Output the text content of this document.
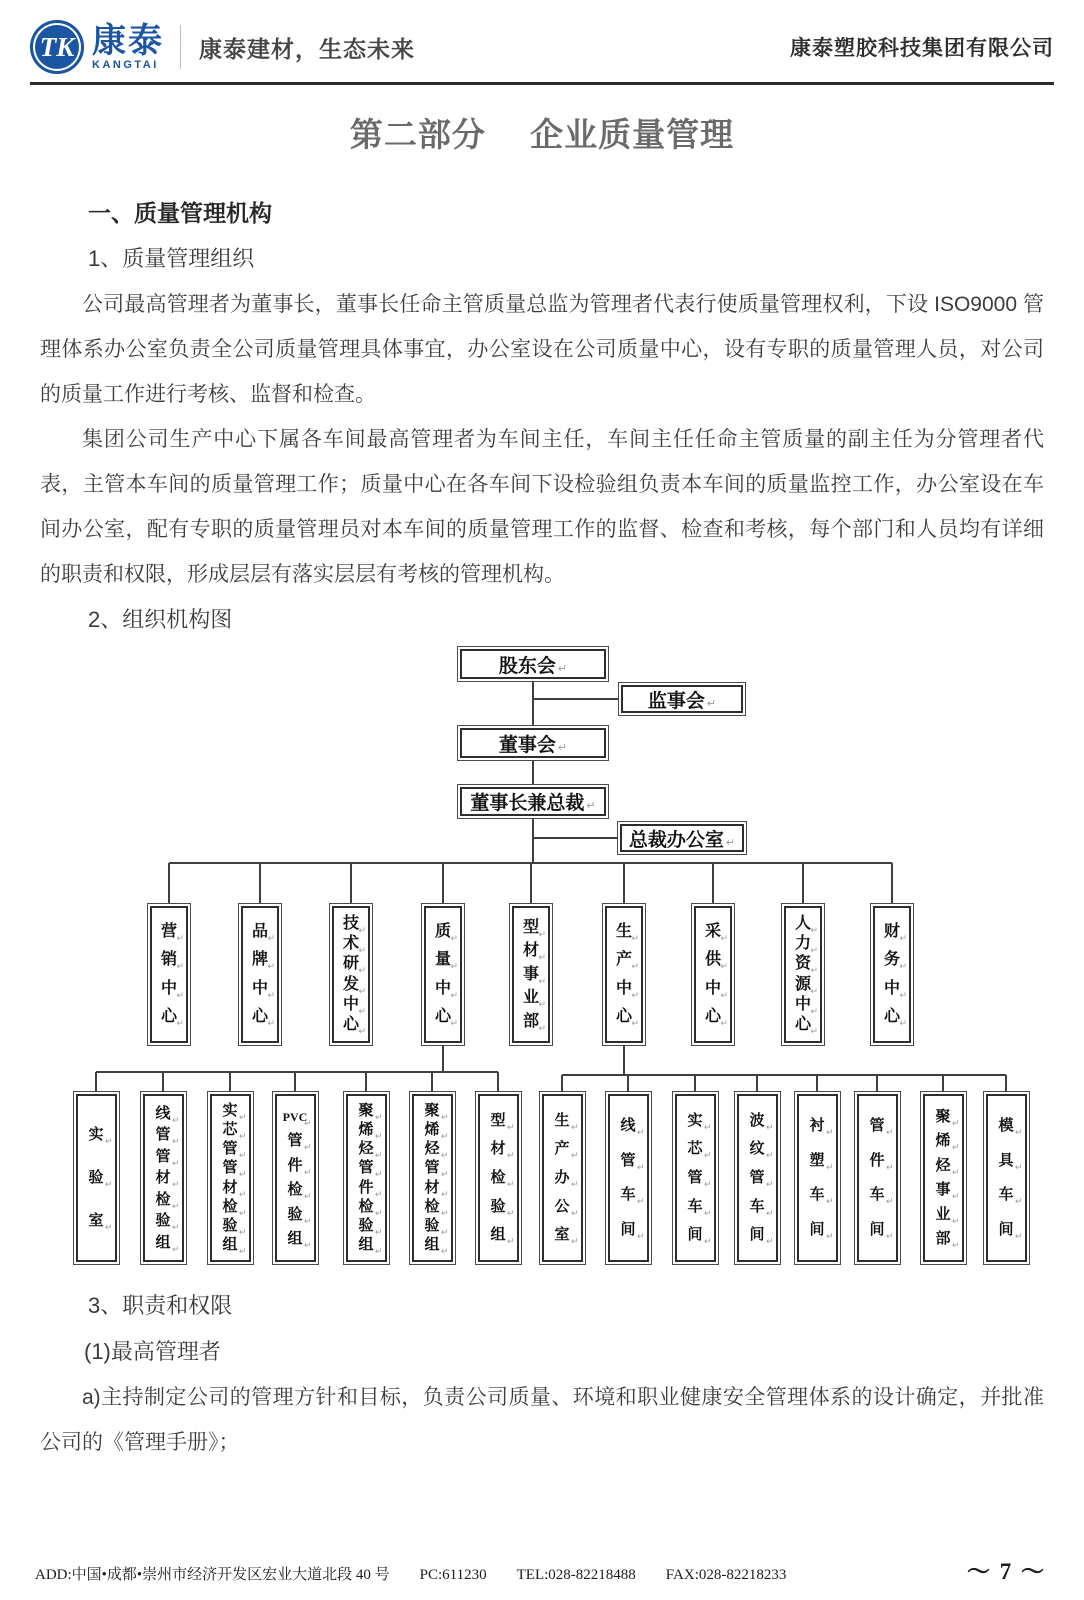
TK 康泰
KANGTAI
康泰建材，生态未来	康泰塑胶科技集团有限公司
第二部分　 企业质量管理
一、质量管理机构
1、质量管理组织

公司最高管理者为董事长，董事长任命主管质量总监为管理者代表行使质量管理权利，下设 ISO9000 管理体系办公室负责全公司质量管理具体事宜，办公室设在公司质量中心，设有专职的质量管理人员，对公司的质量工作进行考核、监督和检查。

集团公司生产中心下属各车间最高管理者为车间主任，车间主任任命主管质量的副主任为分管理者代表，主管本车间的质量管理工作；质量中心在各车间下设检验组负责本车间的质量监控工作，办公室设在车间办公室，配有专职的质量管理员对本车间的质量管理工作的监督、检查和考核，每个部门和人员均有详细的职责和权限，形成层层有落实层层有考核的管理机构。

2、组织机构图
股东会 ↵
监事会 ↵
董事会 ↵
董事长兼总裁 ↵
总裁办公室 ↵
营 ↵
销 ↵
中 ↵
心 ↵
品 ↵
牌 ↵
中 ↵
心 ↵
技 ↵
术 ↵
研 ↵
发 ↵
中 ↵
心 ↵
质 ↵
量 ↵
中 ↵
心 ↵
型 ↵
材 ↵
事 ↵
业 ↵
部 ↵
生 ↵
产 ↵
中 ↵
心 ↵
采 ↵
供 ↵
中 ↵
心 ↵
人 ↵
力 ↵
资 ↵
源 ↵
中 ↵
心 ↵
财 ↵
务 ↵
中 ↵
心 ↵
实 ↵
验 ↵
室 ↵
线 ↵
管 ↵
管 ↵
材 ↵
检 ↵
验 ↵
组 ↵
实 ↵
芯 ↵
管 ↵
管 ↵
材 ↵
检 ↵
验 ↵
组 ↵
PVC
↵
管 ↵
件 ↵
检 ↵
验 ↵
组 ↵
聚 ↵
烯 ↵
烃 ↵
管 ↵
件 ↵
检 ↵
验 ↵
组 ↵
聚 ↵
烯 ↵
烃 ↵
管 ↵
材 ↵
检 ↵
验 ↵
组 ↵
型 ↵
材 ↵
检 ↵
验 ↵
组 ↵
生 ↵
产 ↵
办 ↵
公 ↵
室 ↵
线 ↵
管 ↵
车 ↵
间 ↵
实 ↵
芯 ↵
管 ↵
车 ↵
间 ↵
波 ↵
纹 ↵
管 ↵
车 ↵
间 ↵
衬 ↵
塑 ↵
车 ↵
间 ↵
管 ↵
件 ↵
车 ↵
间 ↵
聚 ↵
烯 ↵
烃 ↵
事 ↵
业 ↵
部 ↵
模 ↵
具 ↵
车 ↵
间 ↵
3、职责和权限
(1)最高管理者

a)主持制定公司的管理方针和目标，负责公司质量、环境和职业健康安全管理体系的设计确定，并批准公司的《管理手册》；

ADD:中国•成都•崇州市经济开发区宏业大道北段 40 号 PC:611230 TEL:028-82218488 FAX:028-82218233	～ 7 ～
